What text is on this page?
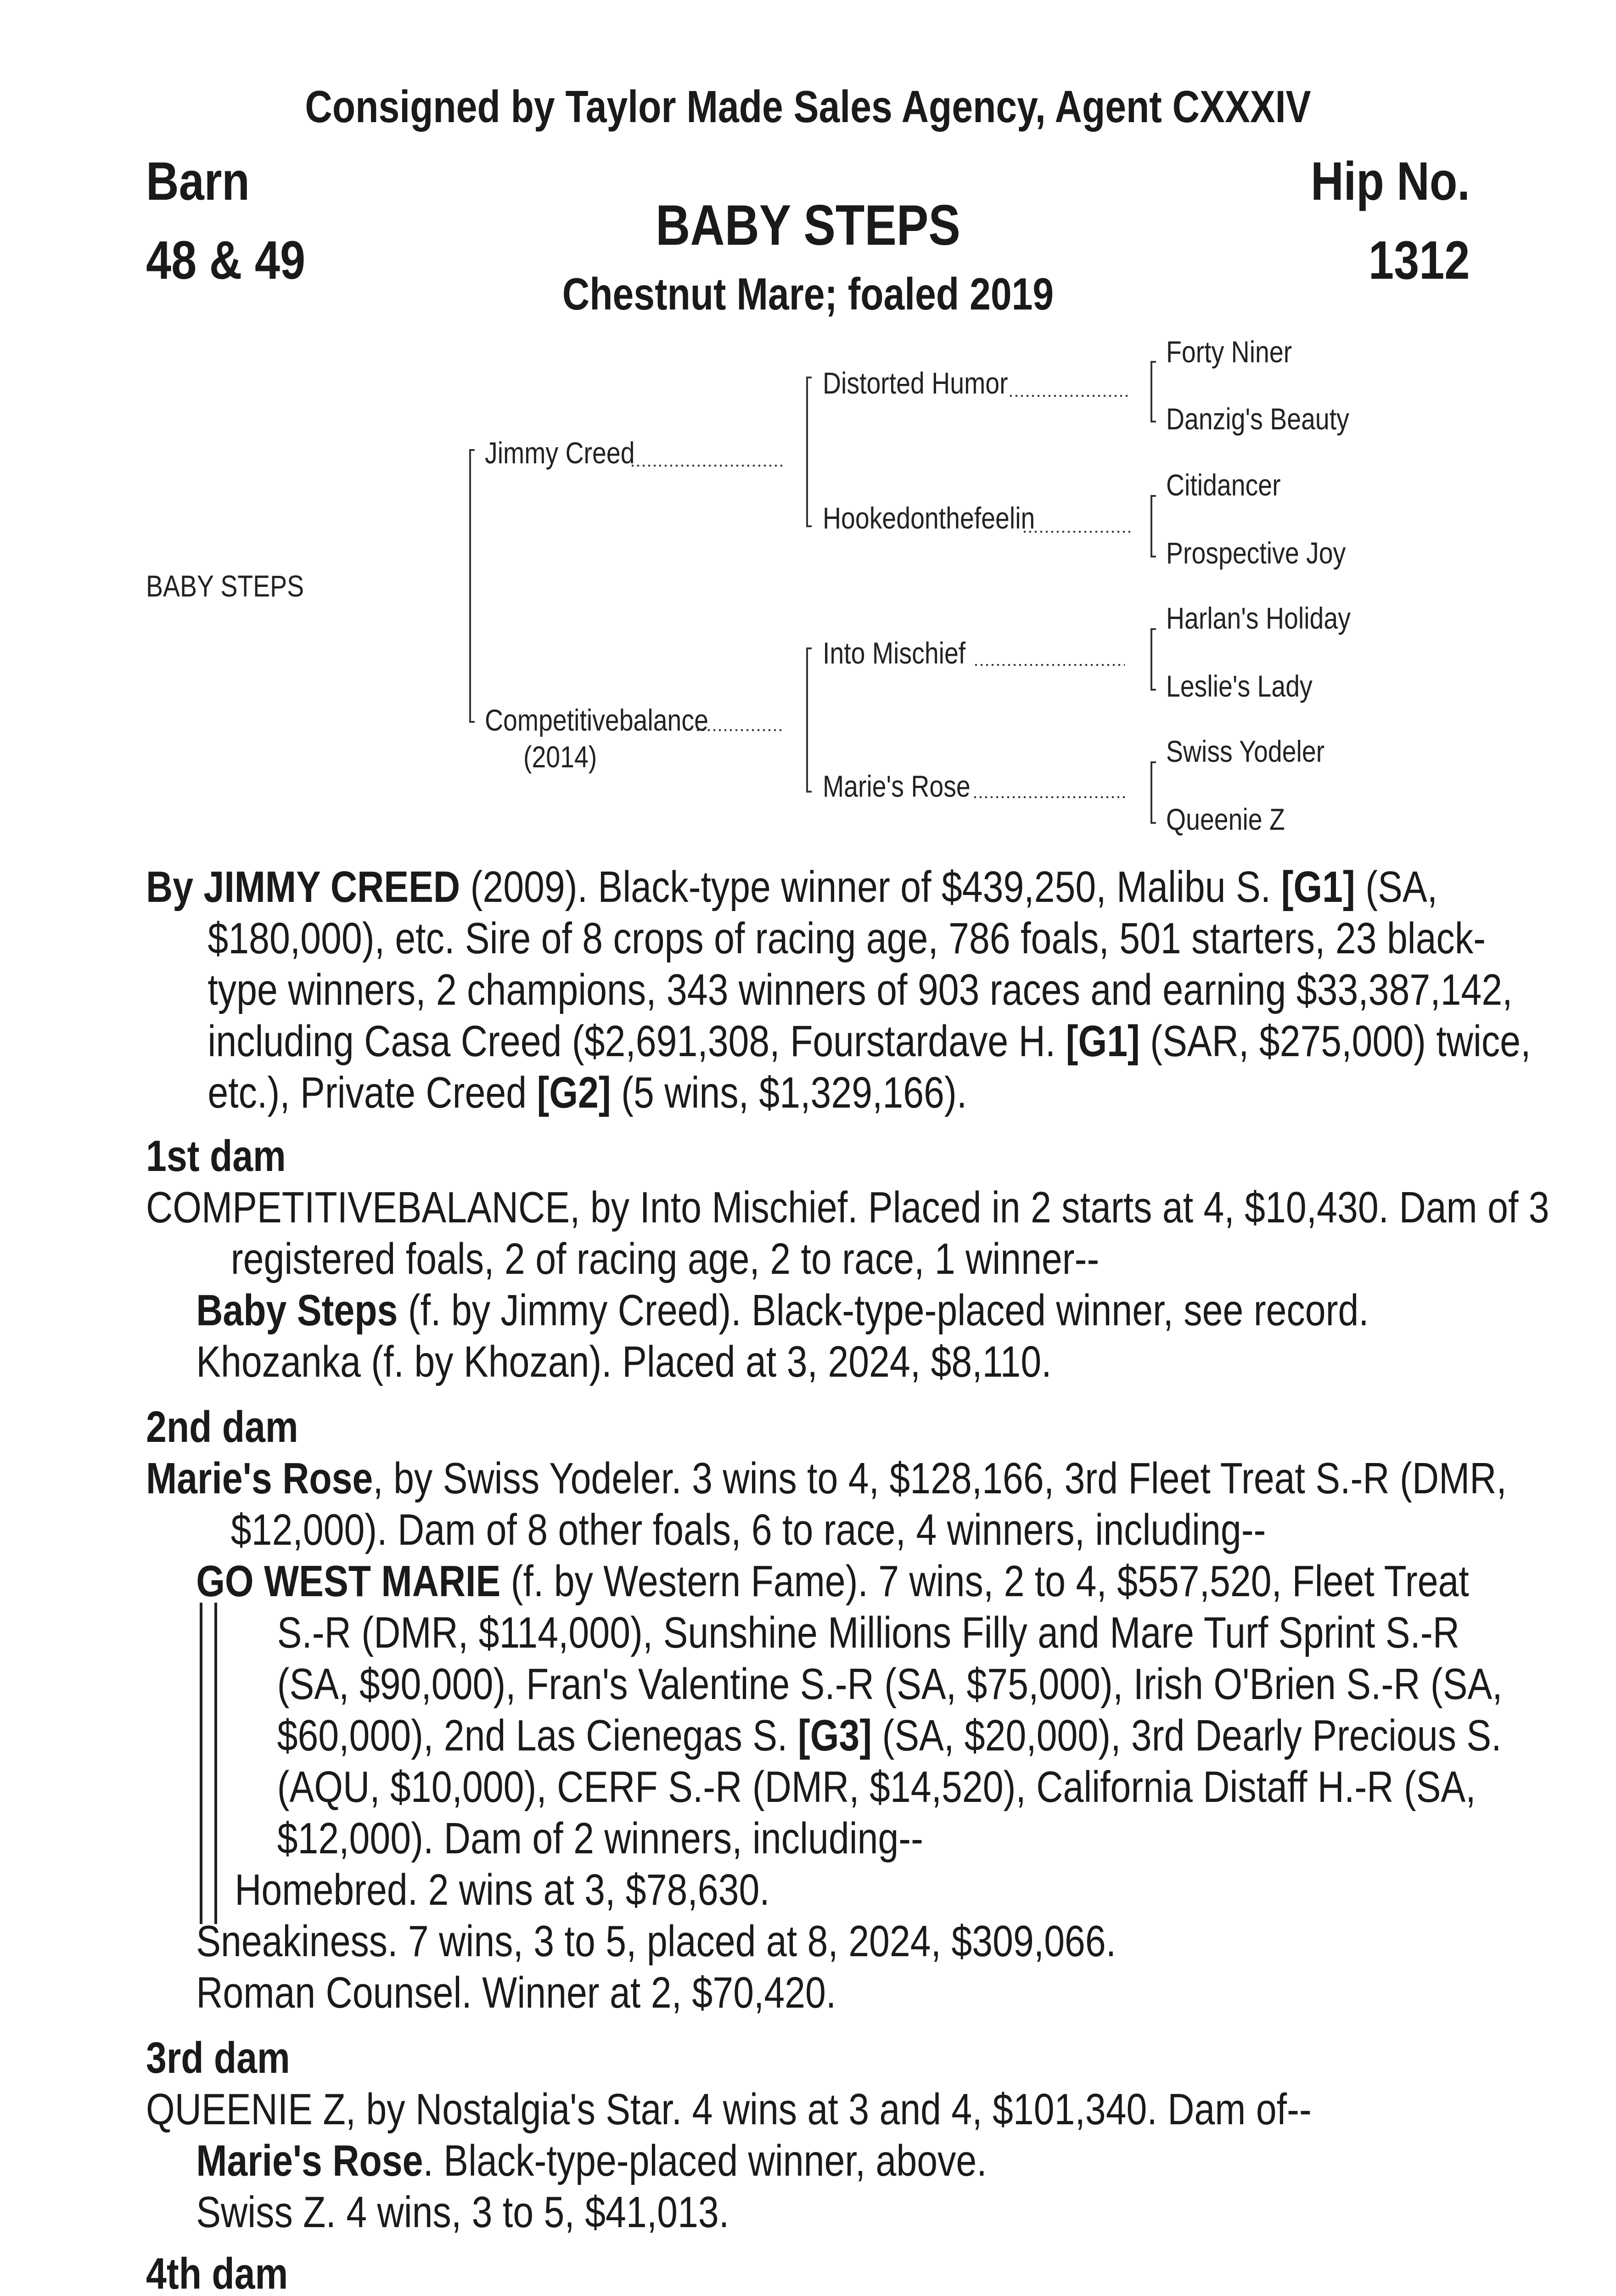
Consigned by Taylor Made Sales Agency, Agent CXXXIV
Barn
48 & 49
Hip No.
1312
BABY STEPS
Chestnut Mare; foaled 2019
BABY STEPS
Jimmy Creed
Competitivebalance
(2014)
Distorted Humor
Hookedonthefeelin
Into Mischief
Marie's Rose
Forty Niner
Danzig's Beauty
Citidancer
Prospective Joy
Harlan's Holiday
Leslie's Lady
Swiss Yodeler
Queenie Z
By JIMMY CREED (2009). Black-type winner of $439,250, Malibu S. [G1] (SA, $180,000), etc. Sire of 8 crops of racing age, 786 foals, 501 starters, 23 black-type winners, 2 champions, 343 winners of 903 races and earning $33,387,142, including Casa Creed ($2,691,308, Fourstardave H. [G1] (SAR, $275,000) twice, etc.), Private Creed [G2] (5 wins, $1,329,166).
1st dam
COMPETITIVEBALANCE, by Into Mischief. Placed in 2 starts at 4, $10,430. Dam of 3 registered foals, 2 of racing age, 2 to race, 1 winner--
Baby Steps (f. by Jimmy Creed). Black-type-placed winner, see record.
Khozanka (f. by Khozan). Placed at 3, 2024, $8,110.
2nd dam
Marie's Rose, by Swiss Yodeler. 3 wins to 4, $128,166, 3rd Fleet Treat S.-R (DMR, $12,000). Dam of 8 other foals, 6 to race, 4 winners, including--
GO WEST MARIE (f. by Western Fame). 7 wins, 2 to 4, $557,520, Fleet Treat S.-R (DMR, $114,000), Sunshine Millions Filly and Mare Turf Sprint S.-R (SA, $90,000), Fran's Valentine S.-R (SA, $75,000), Irish O'Brien S.-R (SA, $60,000), 2nd Las Cienegas S. [G3] (SA, $20,000), 3rd Dearly Precious S. (AQU, $10,000), CERF S.-R (DMR, $14,520), California Distaff H.-R (SA, $12,000). Dam of 2 winners, including--
Homebred. 2 wins at 3, $78,630.
Sneakiness. 7 wins, 3 to 5, placed at 8, 2024, $309,066.
Roman Counsel. Winner at 2, $70,420.
3rd dam
QUEENIE Z, by Nostalgia's Star. 4 wins at 3 and 4, $101,340. Dam of--
Marie's Rose. Black-type-placed winner, above.
Swiss Z. 4 wins, 3 to 5, $41,013.
4th dam
